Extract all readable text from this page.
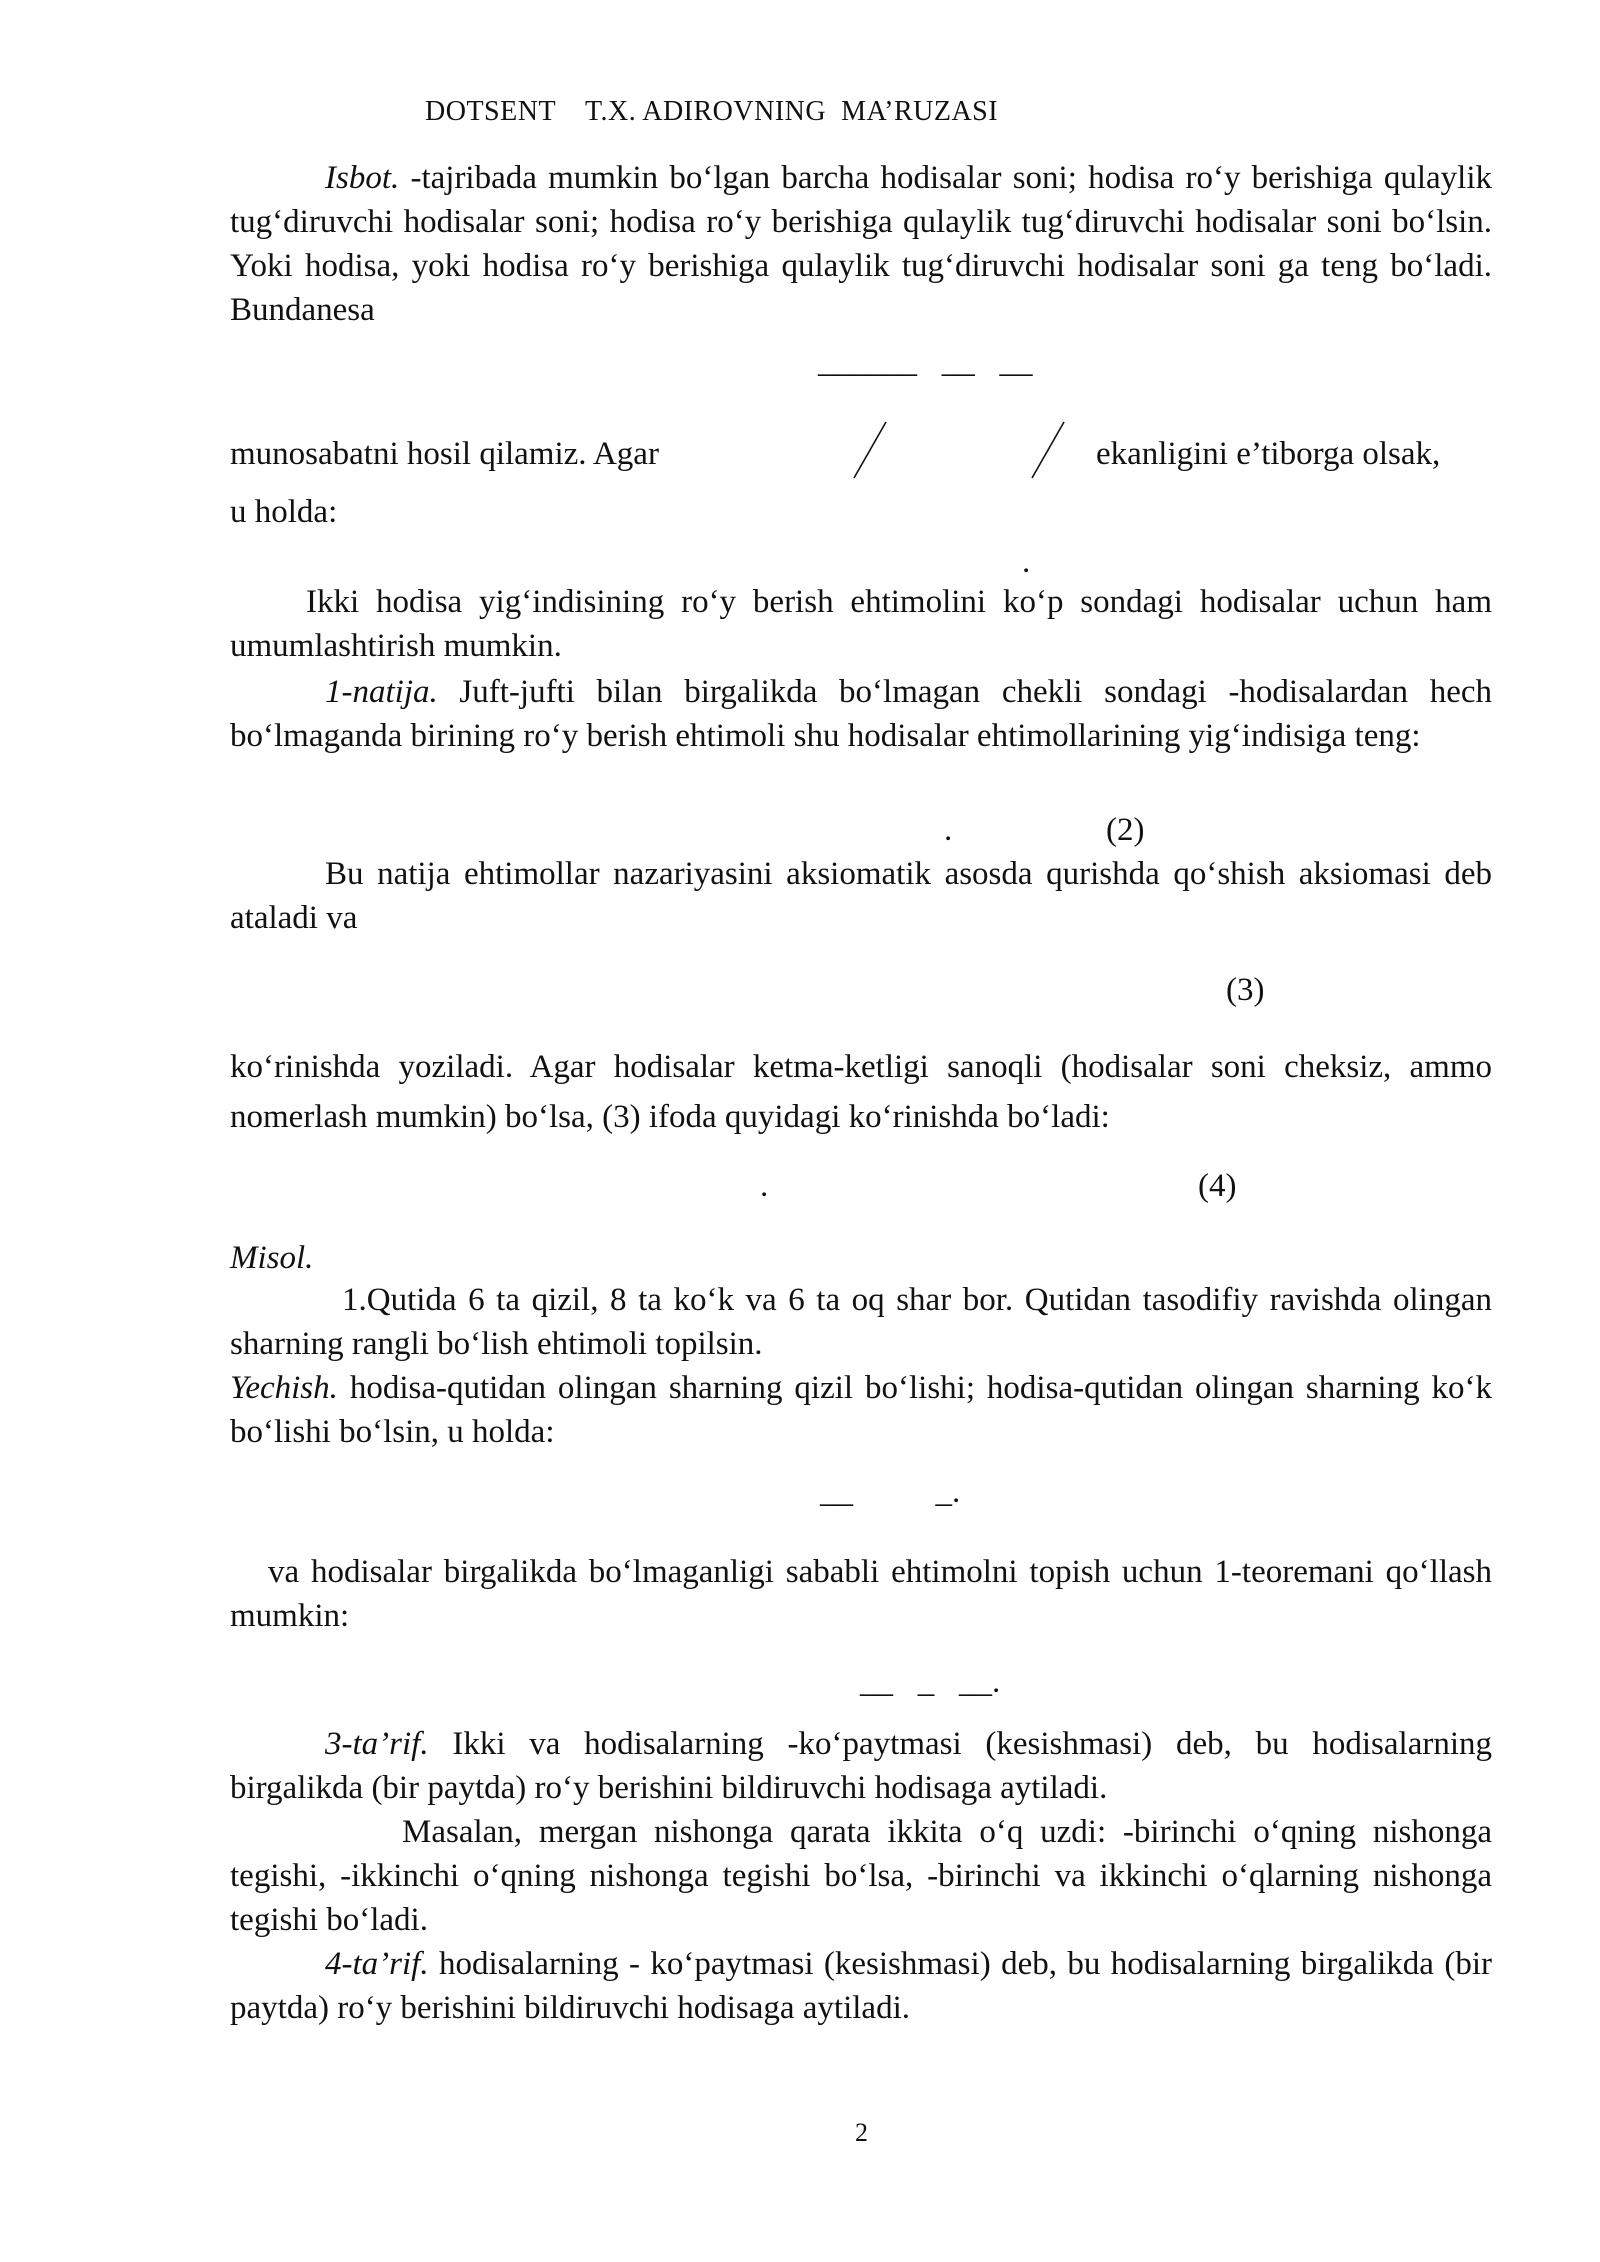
DOTSENT    T.X. ADIROVNING  MA’RUZASI
Isbot. -tajribada mumkin bo‘lgan barcha hodisalar soni; hodisa ro‘y berishiga qulaylik tug‘diruvchi hodisalar soni; hodisa ro‘y berishiga qulaylik tug‘diruvchi hodisalar soni bo‘lsin. Yoki hodisa, yoki hodisa ro‘y berishiga qulaylik tug‘diruvchi hodisalar soni ga teng bo‘ladi. Bundanesa
______   __   __
munosabatni hosil qilamiz. Agar	ekanligini e’tiborga olsak,
u holda:
.
Ikki hodisa yig‘indisining ro‘y berish ehtimolini ko‘p sondagi hodisalar uchun ham umumlashtirish mumkin.
1-natija. Juft-jufti bilan birgalikda bo‘lmagan chekli sondagi -hodisalardan hech bo‘lmaganda birining ro‘y berish ehtimoli shu hodisalar ehtimollarining yig‘indisiga teng:
.	(2)
Bu natija ehtimollar nazariyasini aksiomatik asosda qurishda qo‘shish aksiomasi deb ataladi va
(3)
ko‘rinishda yoziladi. Agar hodisalar ketma-ketligi sanoqli (hodisalar soni cheksiz, ammo nomerlash mumkin) bo‘lsa, (3) ifoda quyidagi ko‘rinishda bo‘ladi:
.	(4)
Misol.
1.Qutida 6 ta qizil, 8 ta ko‘k va 6 ta oq shar bor. Qutidan tasodifiy ravishda olingan sharning rangli bo‘lish ehtimoli topilsin.
Yechish. hodisa-qutidan olingan sharning qizil bo‘lishi; hodisa-qutidan olingan sharning ko‘k bo‘lishi bo‘lsin, u holda:
__          _.
va hodisalar birgalikda bo‘lmaganligi sababli ehtimolni topish uchun 1-teoremani qo‘llash mumkin:
__   _   __.
3-ta’rif. Ikki va hodisalarning -ko‘paytmasi (kesishmasi) deb, bu hodisalarning birgalikda (bir paytda) ro‘y berishini bildiruvchi hodisaga aytiladi.
Masalan, mergan nishonga qarata ikkita o‘q uzdi: -birinchi o‘qning nishonga tegishi, -ikkinchi o‘qning nishonga tegishi bo‘lsa, -birinchi va ikkinchi o‘qlarning nishonga tegishi bo‘ladi.
4-ta’rif. hodisalarning - ko‘paytmasi (kesishmasi) deb, bu hodisalarning birgalikda (bir paytda) ro‘y berishini bildiruvchi hodisaga aytiladi.
2
